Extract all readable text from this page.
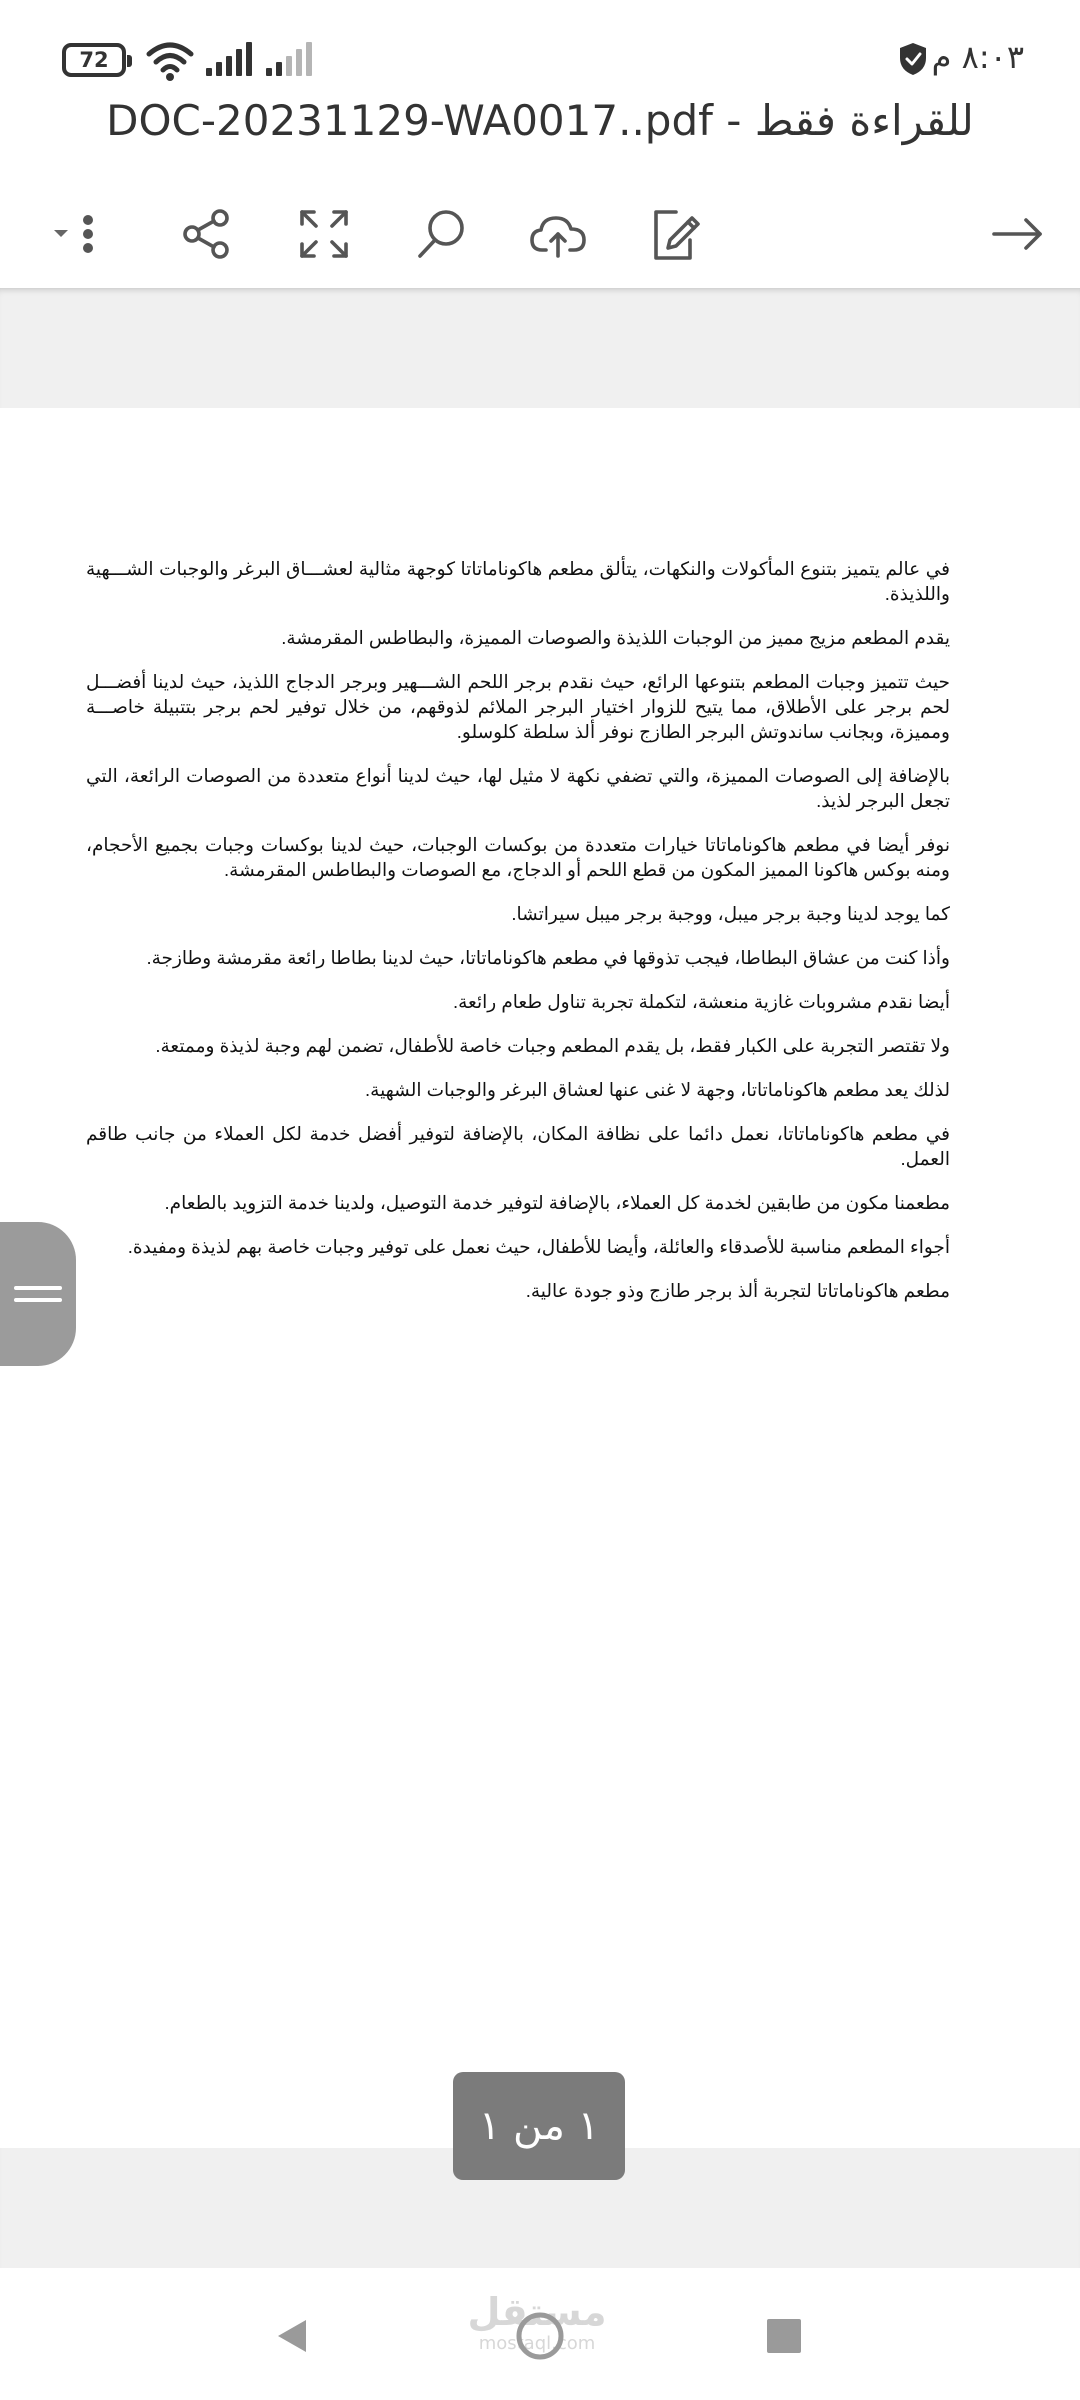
72	٨:٠٣ م
DOC-20231129-WA0017..pdf - للقراءة فقط

في عالم يتميز بتنوع المأكولات والنكهات، يتألق مطعم هاكوناماتاتا كوجهة مثالية لعشـــاق البرغر والوجبات الشـــهية واللذيذة.

يقدم المطعم مزيج مميز من الوجبات اللذيذة والصوصات المميزة، والبطاطس المقرمشة.

حيث تتميز وجبات المطعم بتنوعها الرائع، حيث نقدم برجر اللحم الشـــهير وبرجر الدجاج اللذيذ، حيث لدينا أفضـــل لحم برجر على الأطلاق، مما يتيح للزوار اختيار البرجر الملائم لذوقهم، من خلال توفير لحم برجر بتتبيلة خاصـــة ومميزة، وبجانب ساندوتش البرجر الطازج نوفر ألذ سلطة كلوسلو.

بالإضافة إلى الصوصات المميزة، والتي تضفي نكهة لا مثيل لها، حيث لدينا أنواع متعددة من الصوصات الرائعة، التي تجعل البرجر لذيذ.

نوفر أيضا في مطعم هاكوناماتاتا خيارات متعددة من بوكسات الوجبات، حيث لدينا بوكسات وجبات بجميع الأحجام، ومنه بوكس هاكونا المميز المكون من قطع اللحم أو الدجاج، مع الصوصات والبطاطس المقرمشة.

كما يوجد لدينا وجبة برجر ميبل، ووجبة برجر ميبل سيراتشا.

وأذا كنت من عشاق البطاطا، فيجب تذوقها في مطعم هاكوناماتاتا، حيث لدينا بطاطا رائعة مقرمشة وطازجة.

أيضا نقدم مشروبات غازية منعشة، لتكملة تجربة تناول طعام رائعة.

ولا تقتصر التجربة على الكبار فقط، بل يقدم المطعم وجبات خاصة للأطفال، تضمن لهم وجبة لذيذة وممتعة.

لذلك يعد مطعم هاكوناماتاتا، وجهة لا غنى عنها لعشاق البرغر والوجبات الشهية.

في مطعم هاكوناماتاتا، نعمل دائما على نظافة المكان، بالإضافة لتوفير أفضل خدمة لكل العملاء من جانب طاقم العمل.

مطعمنا مكون من طابقين لخدمة كل العملاء، بالإضافة لتوفير خدمة التوصيل، ولدينا خدمة التزويد بالطعام.

أجواء المطعم مناسبة للأصدقاء والعائلة، وأيضا للأطفال، حيث نعمل على توفير وجبات خاصة بهم لذيذة ومفيدة.

مطعم هاكوناماتاتا لتجربة ألذ برجر طازج وذو جودة عالية.

١ من ١
مستقل
mostaql.com
